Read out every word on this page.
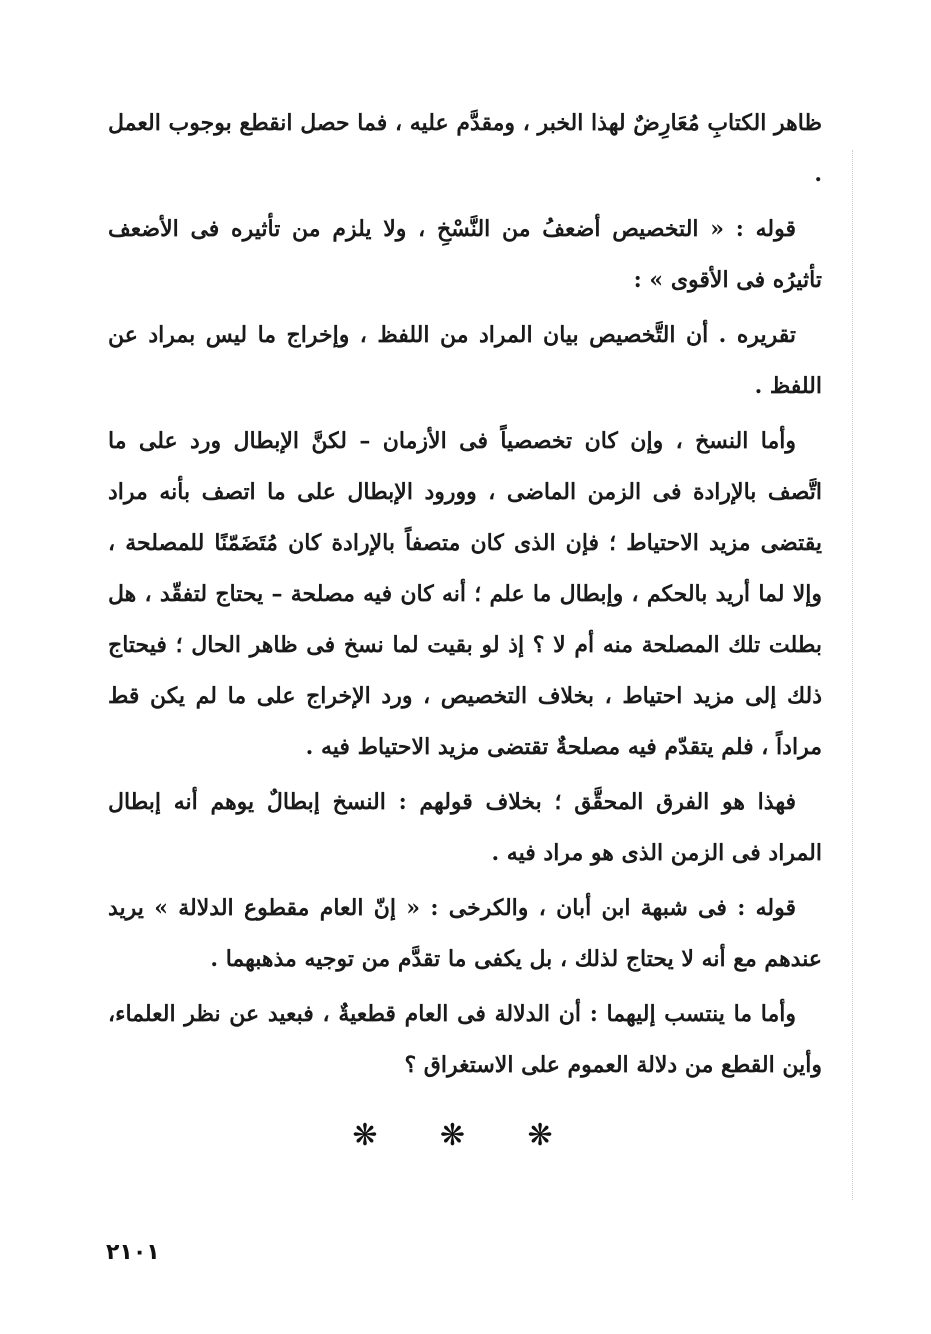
ظاهر الكتابِ مُعَارِضٌ لهذا الخبر ، ومقدَّم عليه ، فما حصل انقطع بوجوب العمل .

قوله : « التخصيص أضعفُ من النَّسْخِ ، ولا يلزم من تأثيره فى الأضعف تأثيرُه فى الأقوى » :

تقريره . أن التَّخصيص بيان المراد من اللفظ ، وإخراج ما ليس بمراد عن اللفظ .

وأما النسخ ، وإن كان تخصصياً فى الأزمان – لكنَّ الإبطال ورد على ما اتَّصف بالإرادة فى الزمن الماضى ، وورود الإبطال على ما اتصف بأنه مراد يقتضى مزيد الاحتياط ؛ فإن الذى كان متصفاً بالإرادة كان مُتَضَمّنًا للمصلحة ، وإلا لما أريد بالحكم ، وإبطال ما علم ؛ أنه كان فيه مصلحة – يحتاج لتفقّد ، هل بطلت تلك المصلحة منه أم لا ؟ إذ لو بقيت لما نسخ فى ظاهر الحال ؛ فيحتاج ذلك إلى مزيد احتياط ، بخلاف التخصيص ، ورد الإخراج على ما لم يكن قط مراداً ، فلم يتقدّم فيه مصلحةٌ تقتضى مزيد الاحتياط فيه .

فهذا هو الفرق المحقَّق ؛ بخلاف قولهم : النسخ إبطالٌ يوهم أنه إبطال المراد فى الزمن الذى هو مراد فيه .

قوله : فى شبهة ابن أبان ، والكرخى : « إنّ العام مقطوع الدلالة » يريد عندهم مع أنه لا يحتاج لذلك ، بل يكفى ما تقدَّم من توجيه مذهبهما .

وأما ما ينتسب إليهما : أن الدلالة فى العام قطعيةٌ ، فبعيد عن نظر العلماء، وأين القطع من دلالة العموم على الاستغراق ؟

❋ ❋ ❋
٢١٠١
